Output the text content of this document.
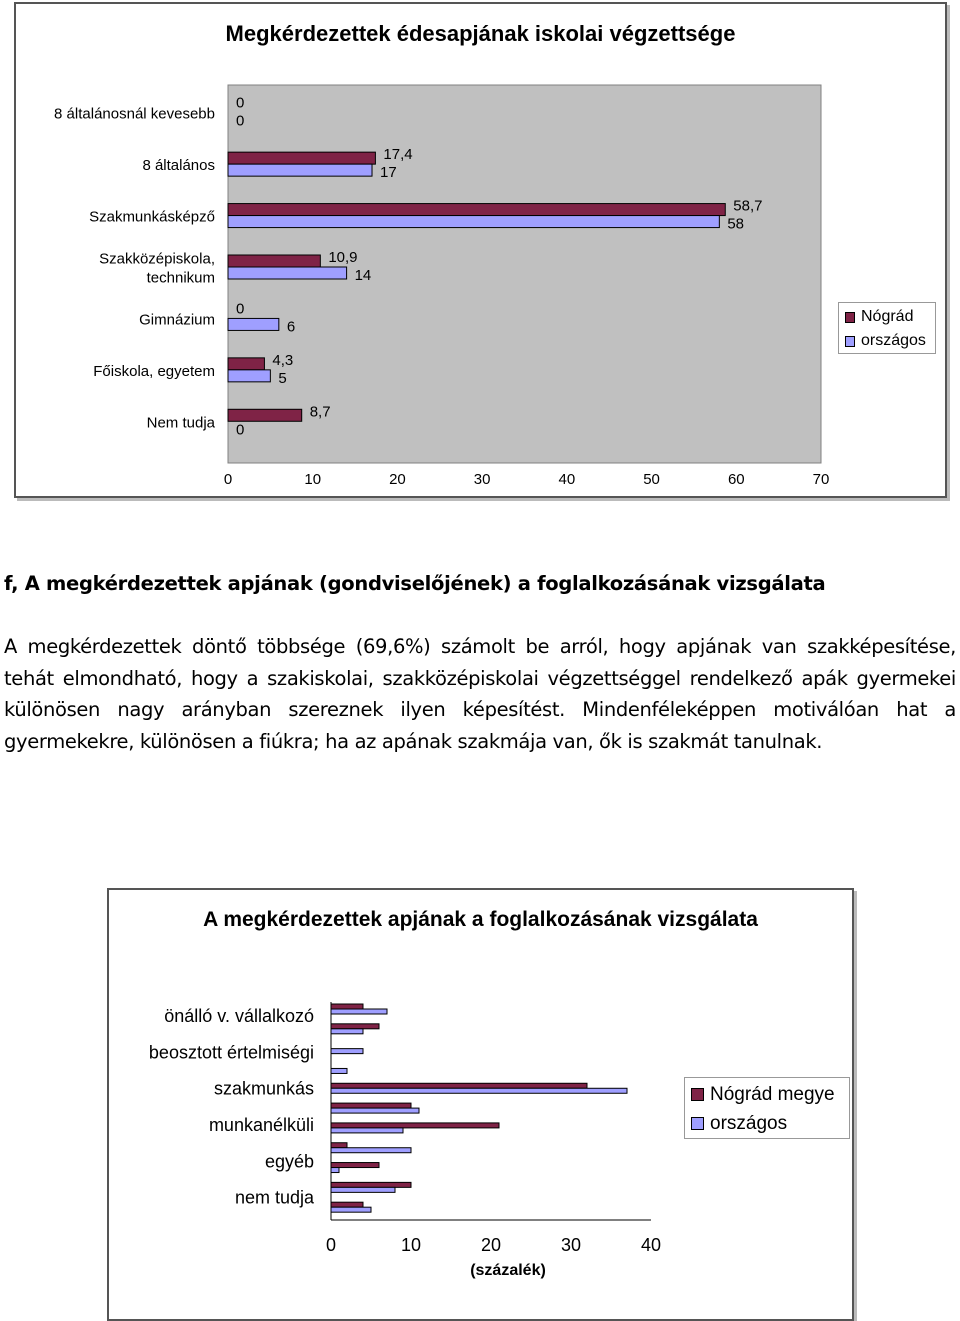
Megkérdezettek édesapjának iskolai végzettsége
8 általánosnál kevesebb
0
0
8 általános
17,4
17
Szakmunkásképző
58,7
58
Szakközépiskola,
technikum
10,9
14
Gimnázium
0
6
Főiskola, egyetem
4,3
5
Nem tudja
8,7
0
0	10	20	30	40	50	60	70
Nógrád
országos
f, A megkérdezettek apjának (gondviselőjének) a foglalkozásának vizsgálata
A megkérdezettek döntő többsége (69,6%) számolt be arról, hogy apjának van szakképesítése, tehát elmondható, hogy a szakiskolai, szakközépiskolai végzettséggel rendelkező apák gyermekei különösen nagy arányban szereznek ilyen képesítést. Mindenféleképpen motiválóan hat a gyermekekre, különösen a fiúkra; ha az apának szakmája van, ők is szakmát tanulnak.
A megkérdezettek apjának a foglalkozásának vizsgálata
önálló v. vállalkozó
beosztott értelmiségi
szakmunkás
munkanélküli
egyéb
nem tudja
0	10	20	30	40
(százalék)
Nógrád megye
országos
